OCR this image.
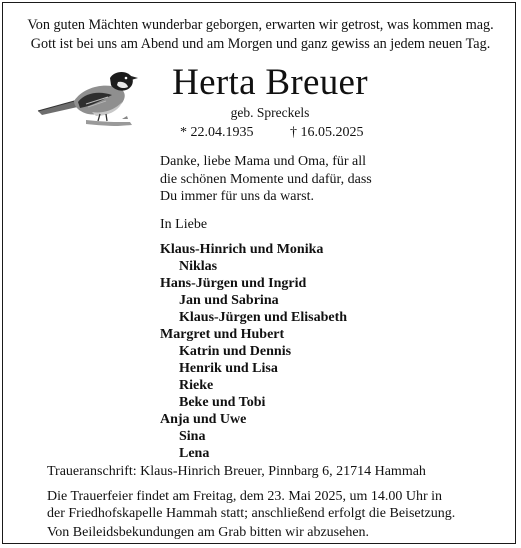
Von guten Mächten wunderbar geborgen, erwarten wir getrost, was kommen mag.
Gott ist bei uns am Abend und am Morgen und ganz gewiss an jedem neuen Tag.
Herta Breuer
geb. Spreckels
* 22.04.1935	† 16.05.2025
Danke, liebe Mama und Oma, für all
die schönen Momente und dafür, dass
Du immer für uns da warst.
In Liebe
Klaus-Hinrich und Monika
Niklas
Hans-Jürgen und Ingrid
Jan und Sabrina
Klaus-Jürgen und Elisabeth
Margret und Hubert
Katrin und Dennis
Henrik und Lisa
Rieke
Beke und Tobi
Anja und Uwe
Sina
Lena
Traueranschrift: Klaus-Hinrich Breuer, Pinnbarg 6, 21714 Hammah
Die Trauerfeier findet am Freitag, dem 23. Mai 2025, um 14.00 Uhr in
der Friedhofskapelle Hammah statt; anschließend erfolgt die Beisetzung.
Von Beileidsbekundungen am Grab bitten wir abzusehen.
